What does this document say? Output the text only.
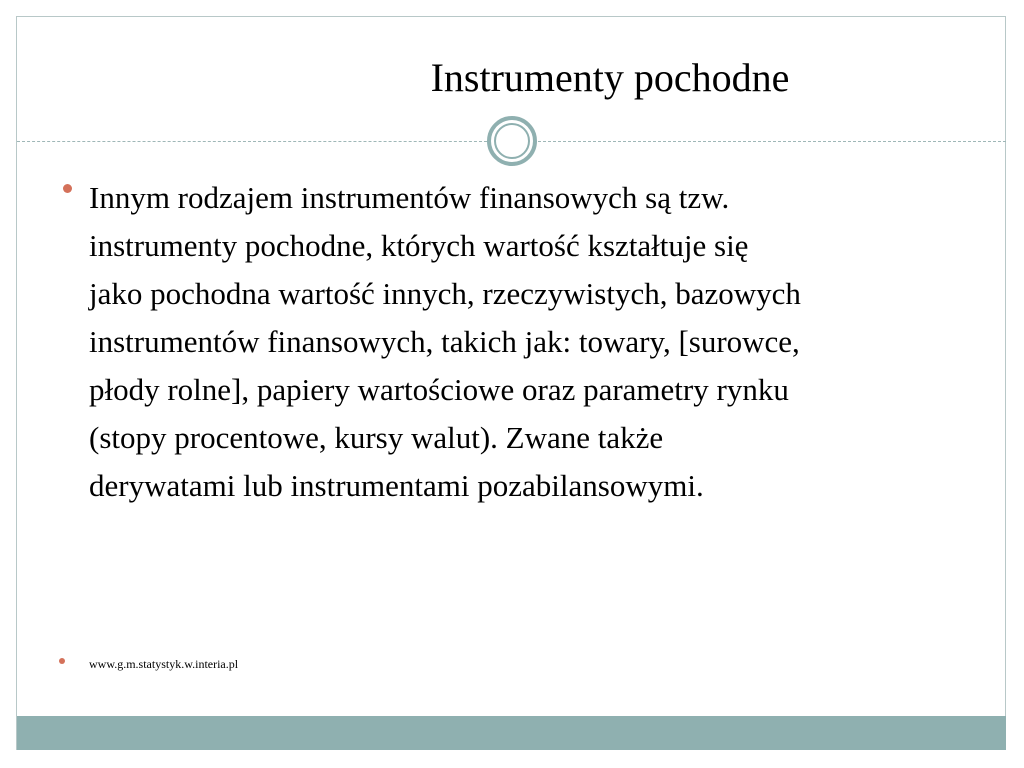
Instrumenty pochodne
Innym rodzajem instrumentów finansowych są tzw.
instrumenty pochodne, których wartość kształtuje się
jako pochodna wartość innych, rzeczywistych, bazowych
instrumentów finansowych, takich jak: towary, [surowce,
płody rolne], papiery wartościowe oraz parametry rynku
(stopy procentowe, kursy walut). Zwane także
derywatami lub instrumentami pozabilansowymi.
www.g.m.statystyk.w.interia.pl
